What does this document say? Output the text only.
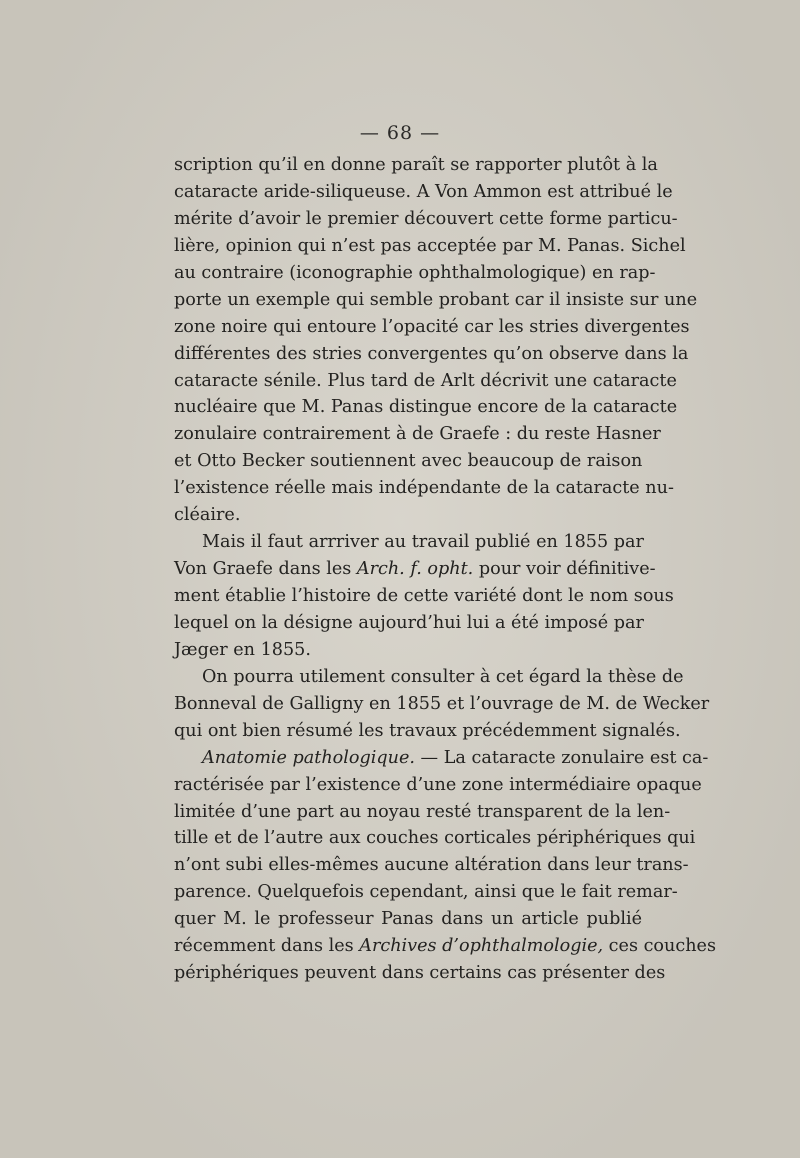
— 68 —
scription qu’il en donne paraît se rapporter plutôt à la
cataracte aride-siliqueuse. A Von Ammon est attribué le
mérite d’avoir le premier découvert cette forme particu-
lière, opinion qui n’est pas acceptée par M. Panas. Sichel
au contraire (iconographie ophthalmologique) en rap-
porte un exemple qui semble probant car il insiste sur une
zone noire qui entoure l’opacité car les stries divergentes
différentes des stries convergentes qu’on observe dans la
cataracte sénile. Plus tard de Arlt décrivit une cataracte
nucléaire que M. Panas distingue encore de la cataracte
zonulaire contrairement à de Graefe : du reste Hasner
et Otto Becker soutiennent avec beaucoup de raison
l’existence réelle mais indépendante de la cataracte nu-
cléaire.
Mais il faut arrriver au travail publié en 1855 par
Von Graefe dans les Arch. f. opht. pour voir définitive-
ment établie l’histoire de cette variété dont le nom sous
lequel on la désigne aujourd’hui lui a été imposé par
Jæger en 1855.
On pourra utilement consulter à cet égard la thèse de
Bonneval de Galligny en 1855 et l’ouvrage de M. de Wecker
qui ont bien résumé les travaux précédemment signalés.
Anatomie pathologique. — La cataracte zonulaire est ca-
ractérisée par l’existence d’une zone intermédiaire opaque
limitée d’une part au noyau resté transparent de la len-
tille et de l’autre aux couches corticales périphériques qui
n’ont subi elles-mêmes aucune altération dans leur trans-
parence. Quelquefois cependant, ainsi que le fait remar-
quer M. le professeur Panas dans un article publié
récemment dans les Archives d’ophthalmologie, ces couches
périphériques peuvent dans certains cas présenter des
